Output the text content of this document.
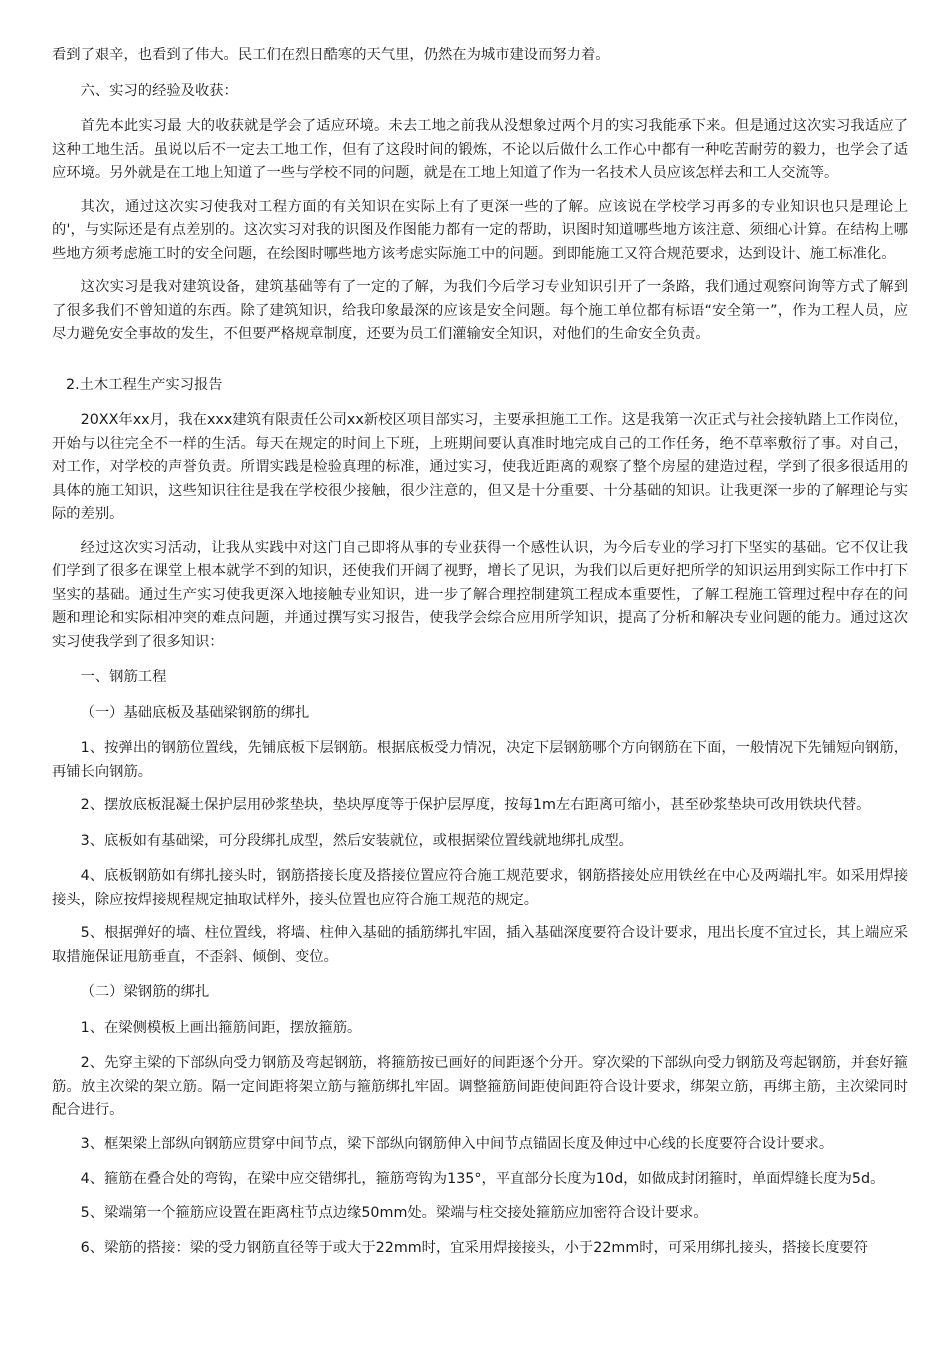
看到了艰辛，也看到了伟大。民工们在烈日酷寒的天气里，仍然在为城市建设而努力着。

六、实习的经验及收获：

首先本此实习最 大的收获就是学会了适应环境。未去工地之前我从没想象过两个月的实习我能承下来。但是通过这次实习我适应了这种工地生活。虽说以后不一定去工地工作，但有了这段时间的锻炼，不论以后做什么工作心中都有一种吃苦耐劳的毅力，也学会了适应环境。另外就是在工地上知道了一些与学校不同的问题，就是在工地上知道了作为一名技术人员应该怎样去和工人交流等。

其次，通过这次实习使我对工程方面的有关知识在实际上有了更深一些的了解。应该说在学校学习再多的专业知识也只是理论上的'，与实际还是有点差别的。这次实习对我的识图及作图能力都有一定的帮助，识图时知道哪些地方该注意、须细心计算。在结构上哪些地方须考虑施工时的安全问题，在绘图时哪些地方该考虑实际施工中的问题。到即能施工又符合规范要求，达到设计、施工标准化。

这次实习是我对建筑设备，建筑基础等有了一定的了解，为我们今后学习专业知识引开了一条路，我们通过观察问询等方式了解到了很多我们不曾知道的东西。除了建筑知识，给我印象最深的应该是安全问题。每个施工单位都有标语“安全第一”，作为工程人员，应尽力避免安全事故的发生，不但要严格规章制度，还要为员工们灌输安全知识，对他们的生命安全负责。

2.土木工程生产实习报告

20XX年xx月，我在xxx建筑有限责任公司xx新校区项目部实习，主要承担施工工作。这是我第一次正式与社会接轨踏上工作岗位，开始与以往完全不一样的生活。每天在规定的时间上下班，上班期间要认真准时地完成自己的工作任务，绝不草率敷衍了事。对自己，对工作，对学校的声誉负责。所谓实践是检验真理的标准，通过实习，使我近距离的观察了整个房屋的建造过程，学到了很多很适用的具体的施工知识，这些知识往往是我在学校很少接触，很少注意的，但又是十分重要、十分基础的知识。让我更深一步的了解理论与实际的差别。

经过这次实习活动，让我从实践中对这门自己即将从事的专业获得一个感性认识，为今后专业的学习打下坚实的基础。它不仅让我们学到了很多在课堂上根本就学不到的知识，还使我们开阔了视野，增长了见识，为我们以后更好把所学的知识运用到实际工作中打下坚实的基础。通过生产实习使我更深入地接触专业知识，进一步了解合理控制建筑工程成本重要性，了解工程施工管理过程中存在的问题和理论和实际相冲突的难点问题，并通过撰写实习报告，使我学会综合应用所学知识，提高了分析和解决专业问题的能力。通过这次实习使我学到了很多知识：

一、钢筋工程

（一）基础底板及基础梁钢筋的绑扎

1、按弹出的钢筋位置线，先铺底板下层钢筋。根据底板受力情况，决定下层钢筋哪个方向钢筋在下面，一般情况下先铺短向钢筋，再铺长向钢筋。

2、摆放底板混凝土保护层用砂浆垫块，垫块厚度等于保护层厚度，按每1m左右距离可缩小，甚至砂浆垫块可改用铁块代替。

3、底板如有基础梁，可分段绑扎成型，然后安装就位，或根据梁位置线就地绑扎成型。

4、底板钢筋如有绑扎接头时，钢筋搭接长度及搭接位置应符合施工规范要求，钢筋搭接处应用铁丝在中心及两端扎牢。如采用焊接接头，除应按焊接规程规定抽取试样外，接头位置也应符合施工规范的规定。

5、根据弹好的墙、柱位置线，将墙、柱伸入基础的插筋绑扎牢固，插入基础深度要符合设计要求，甩出长度不宜过长，其上端应采取措施保证甩筋垂直，不歪斜、倾倒、变位。

（二）梁钢筋的绑扎

1、在梁侧模板上画出箍筋间距，摆放箍筋。

2、先穿主梁的下部纵向受力钢筋及弯起钢筋，将箍筋按已画好的间距逐个分开。穿次梁的下部纵向受力钢筋及弯起钢筋，并套好箍筋。放主次梁的架立筋。隔一定间距将架立筋与箍筋绑扎牢固。调整箍筋间距使间距符合设计要求，绑架立筋，再绑主筋，主次梁同时配合进行。

3、框架梁上部纵向钢筋应贯穿中间节点，梁下部纵向钢筋伸入中间节点锚固长度及伸过中心线的长度要符合设计要求。

4、箍筋在叠合处的弯钩，在梁中应交错绑扎，箍筋弯钩为135°，平直部分长度为10d，如做成封闭箍时，单面焊缝长度为5d。

5、梁端第一个箍筋应设置在距离柱节点边缘50mm处。梁端与柱交接处箍筋应加密符合设计要求。

6、梁筋的搭接：梁的受力钢筋直径等于或大于22mm时，宜采用焊接接头，小于22mm时，可采用绑扎接头，搭接长度要符
